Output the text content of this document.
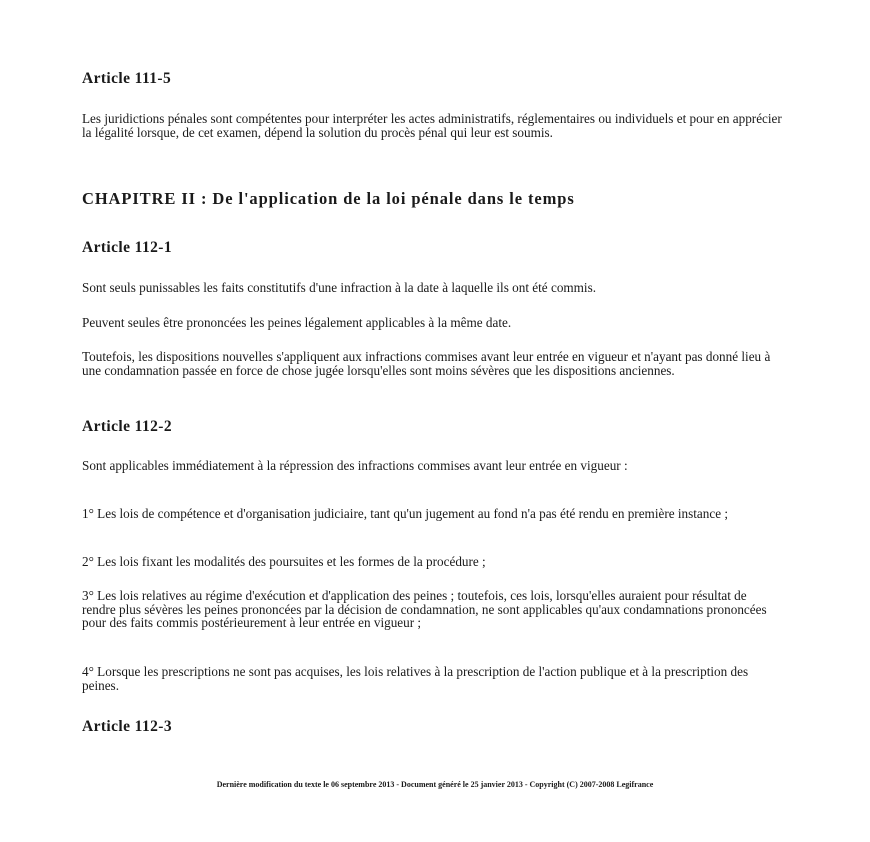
Article 111-5

Les juridictions pénales sont compétentes pour interpréter les actes administratifs, réglementaires ou individuels et pour en apprécier la légalité lorsque, de cet examen, dépend la solution du procès pénal qui leur est soumis.

CHAPITRE II : De l'application de la loi pénale dans le temps
Article 112-1

Sont seuls punissables les faits constitutifs d'une infraction à la date à laquelle ils ont été commis.

Peuvent seules être prononcées les peines légalement applicables à la même date.

Toutefois, les dispositions nouvelles s'appliquent aux infractions commises avant leur entrée en vigueur et n'ayant pas donné lieu à une condamnation passée en force de chose jugée lorsqu'elles sont moins sévères que les dispositions anciennes.

Article 112-2

Sont applicables immédiatement à la répression des infractions commises avant leur entrée en vigueur :

1° Les lois de compétence et d'organisation judiciaire, tant qu'un jugement au fond n'a pas été rendu en première instance ;

2° Les lois fixant les modalités des poursuites et les formes de la procédure ;

3° Les lois relatives au régime d'exécution et d'application des peines ; toutefois, ces lois, lorsqu'elles auraient pour résultat de rendre plus sévères les peines prononcées par la décision de condamnation, ne sont applicables qu'aux condamnations prononcées pour des faits commis postérieurement à leur entrée en vigueur ;

4° Lorsque les prescriptions ne sont pas acquises, les lois relatives à la prescription de l'action publique et à la prescription des peines.

Article 112-3
Dernière modification du texte le 06 septembre 2013 - Document généré le 25 janvier 2013 - Copyright (C) 2007-2008 Legifrance
